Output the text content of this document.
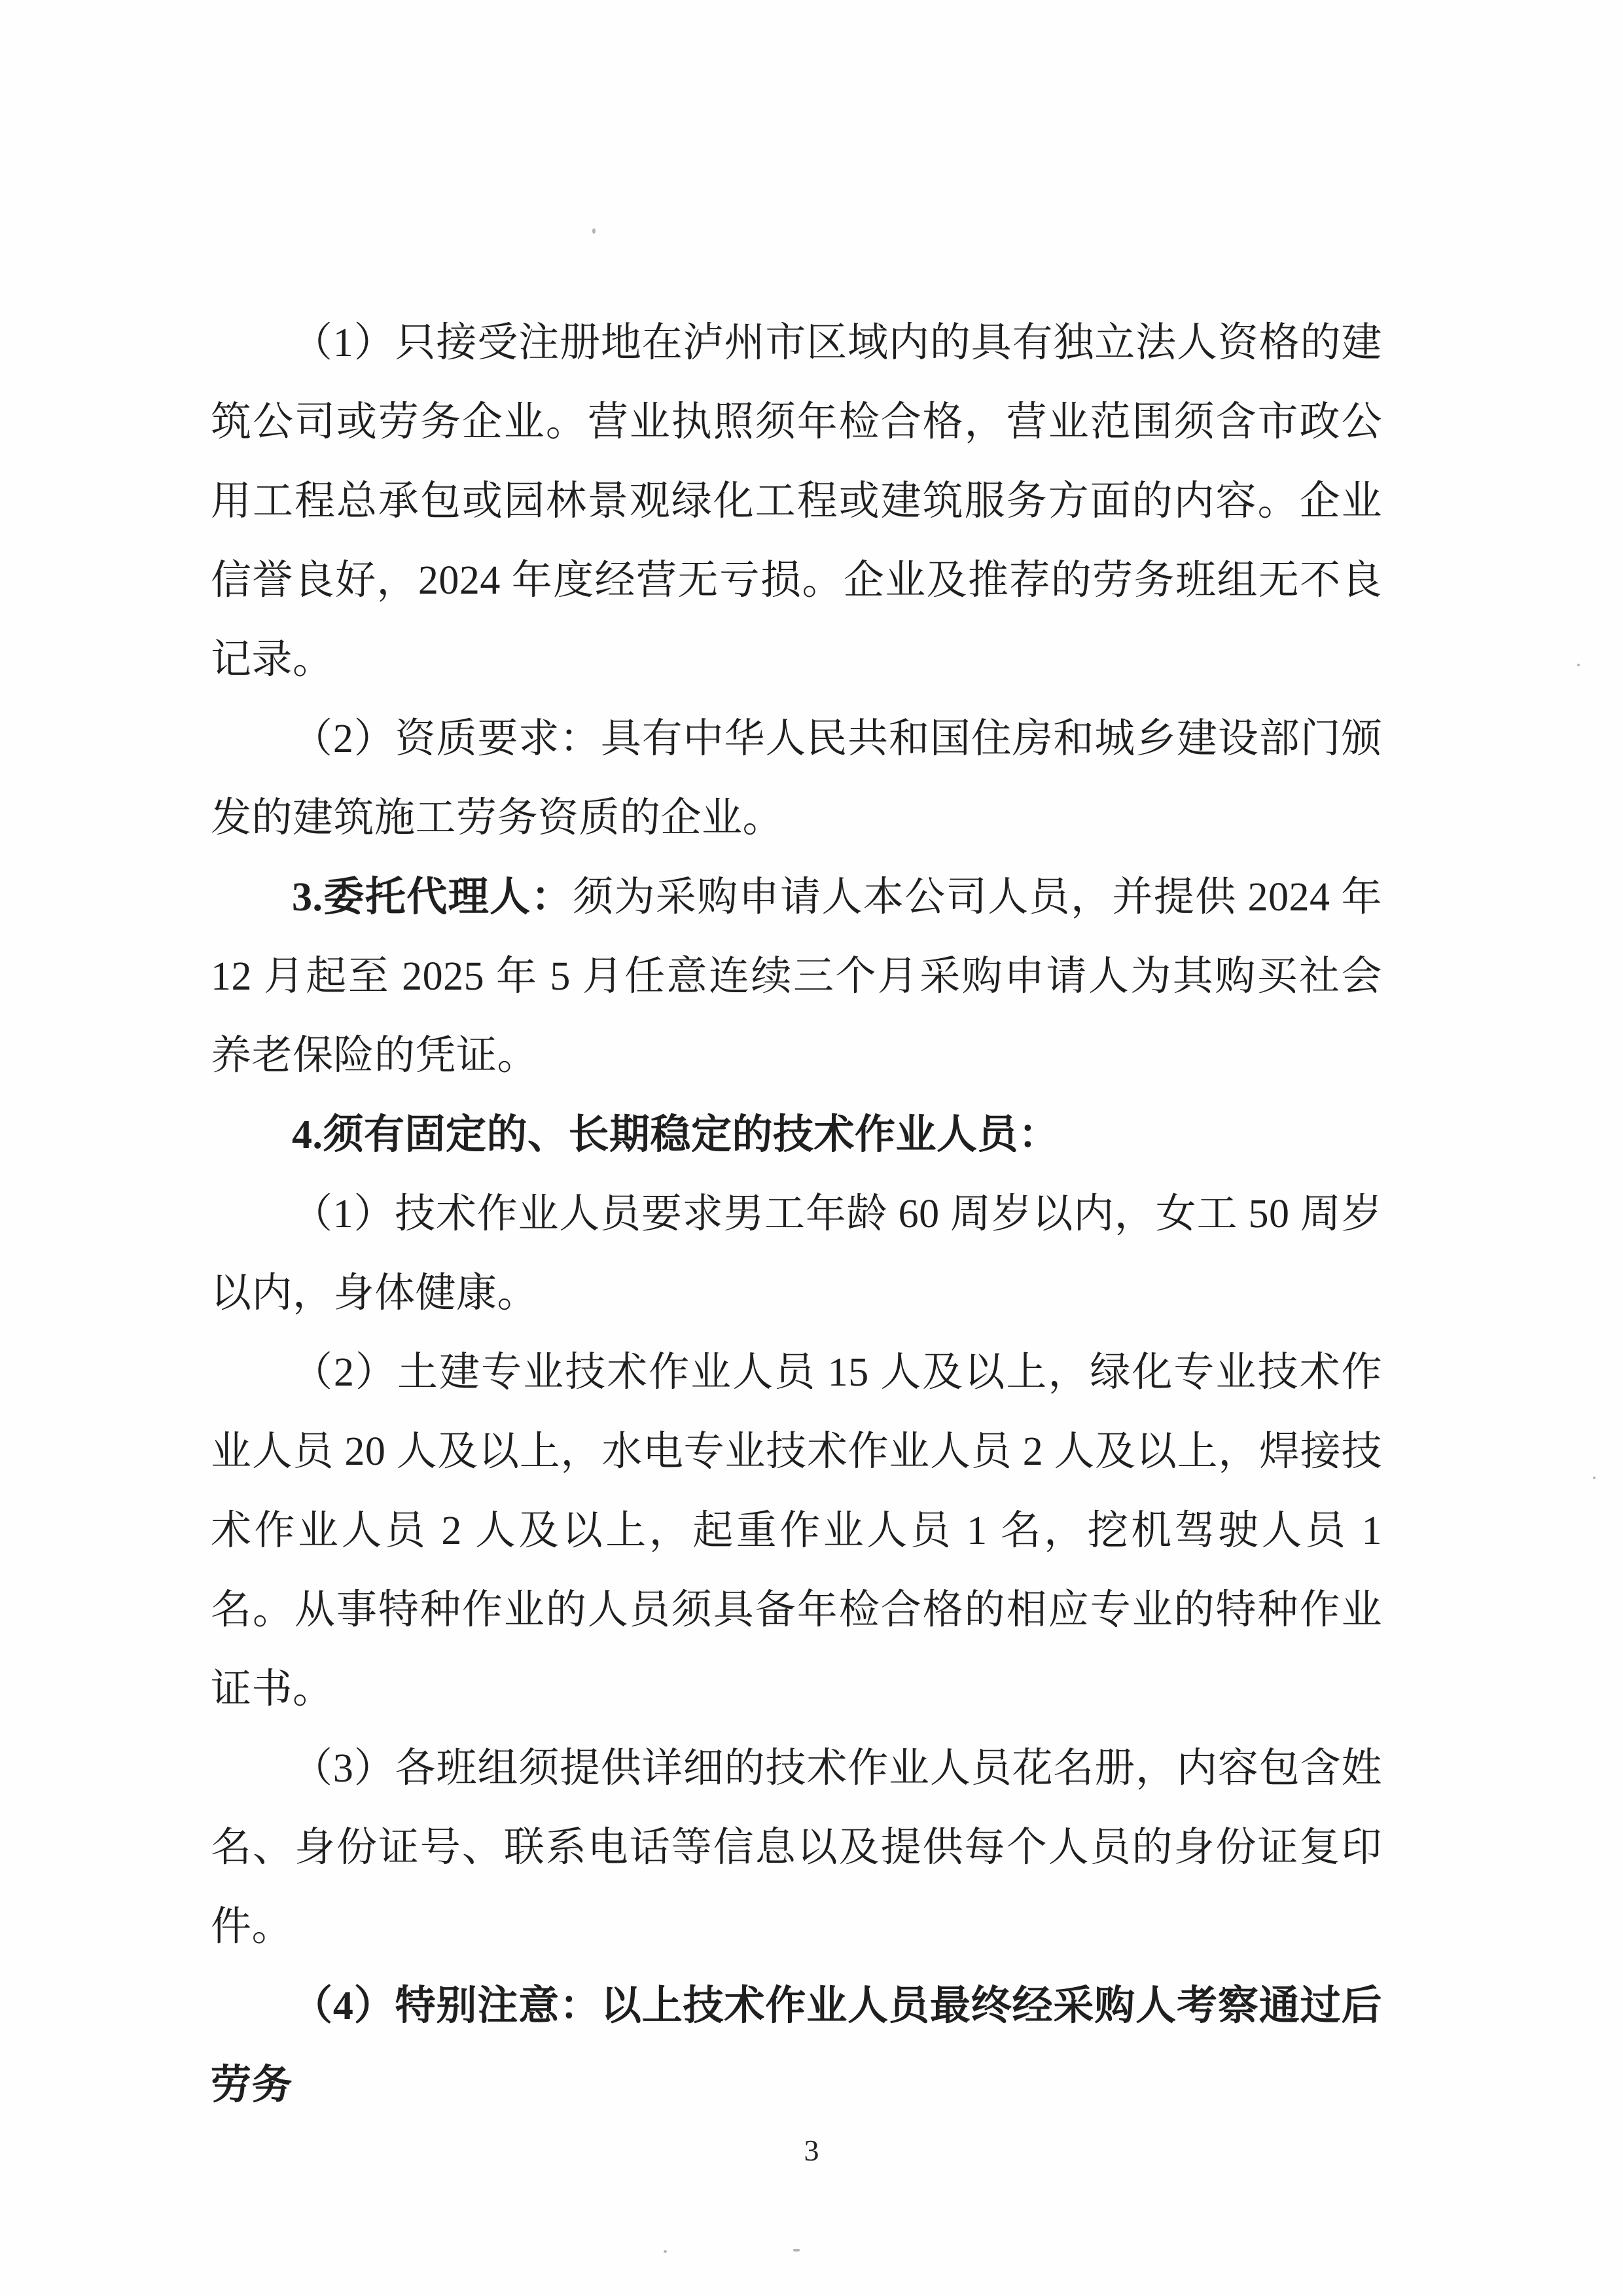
（1）只接受注册地在泸州市区域内的具有独立法人资格的建筑公司或劳务企业。营业执照须年检合格，营业范围须含市政公用工程总承包或园林景观绿化工程或建筑服务方面的内容。企业信誉良好，2024 年度经营无亏损。企业及推荐的劳务班组无不良记录。

（2）资质要求：具有中华人民共和国住房和城乡建设部门颁发的建筑施工劳务资质的企业。

3.委托代理人：须为采购申请人本公司人员，并提供 2024 年 12 月起至 2025 年 5 月任意连续三个月采购申请人为其购买社会养老保险的凭证。

4.须有固定的、长期稳定的技术作业人员：

（1）技术作业人员要求男工年龄 60 周岁以内，女工 50 周岁以内，身体健康。

（2）土建专业技术作业人员 15 人及以上，绿化专业技术作业人员 20 人及以上，水电专业技术作业人员 2 人及以上，焊接技术作业人员 2 人及以上，起重作业人员 1 名，挖机驾驶人员 1 名。从事特种作业的人员须具备年检合格的相应专业的特种作业证书。

（3）各班组须提供详细的技术作业人员花名册，内容包含姓名、身份证号、联系电话等信息以及提供每个人员的身份证复印件。

（4）特别注意：以上技术作业人员最终经采购人考察通过后劳务

3
